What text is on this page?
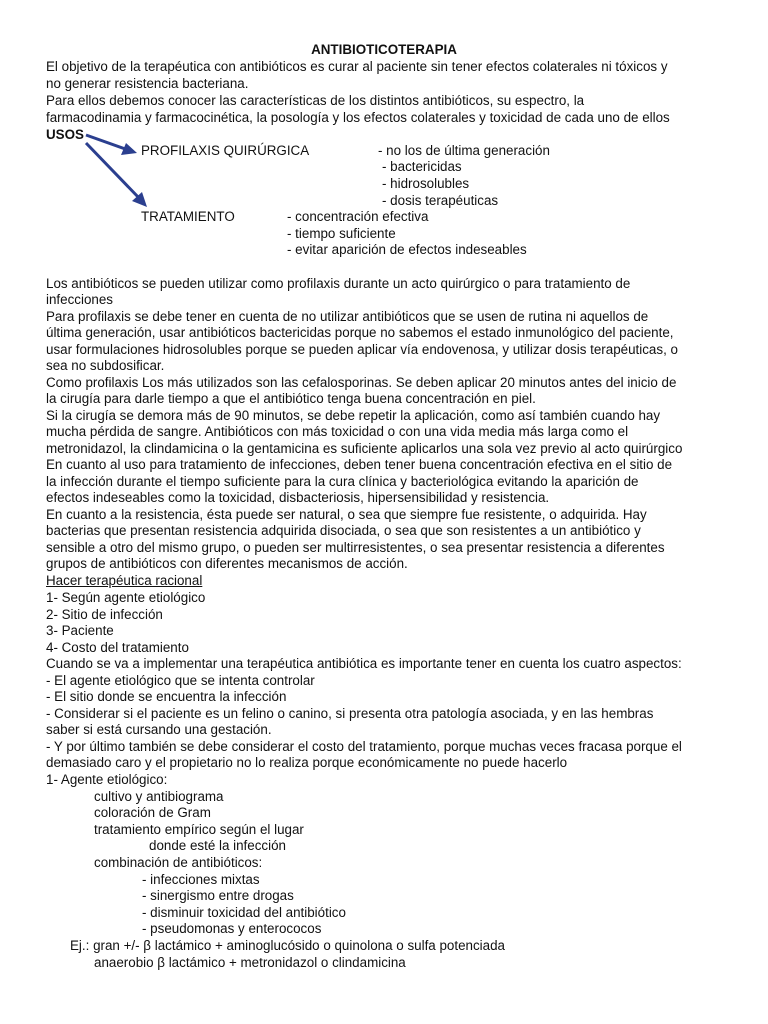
ANTIBIOTICOTERAPIA
El objetivo de la terapéutica con antibióticos es curar al paciente sin tener efectos colaterales ni tóxicos y
no generar resistencia bacteriana.
Para ellos debemos conocer las características de los distintos antibióticos, su espectro, la
farmacodinamia y farmacocinética, la posología y los efectos colaterales y toxicidad de cada uno de ellos
USOS
PROFILAXIS QUIRÚRGICA	- no los de última generación
- bactericidas
- hidrosolubles
- dosis terapéuticas
TRATAMIENTO	- concentración efectiva
- tiempo suficiente
- evitar aparición de efectos indeseables
Los antibióticos se pueden utilizar como profilaxis durante un acto quirúrgico o para tratamiento de
infecciones
Para profilaxis se debe tener en cuenta de no utilizar antibióticos que se usen de rutina ni aquellos de
última generación, usar antibióticos bactericidas porque no sabemos el estado inmunológico del paciente,
usar formulaciones hidrosolubles porque se pueden aplicar vía endovenosa, y utilizar dosis terapéuticas, o
sea no subdosificar.
Como profilaxis Los más utilizados son las cefalosporinas. Se deben aplicar 20 minutos antes del inicio de
la cirugía para darle tiempo a que el antibiótico tenga buena concentración en piel.
Si la cirugía se demora más de 90 minutos, se debe repetir la aplicación, como así también cuando hay
mucha pérdida de sangre. Antibióticos con más toxicidad o con una vida media más larga como el
metronidazol, la clindamicina o la gentamicina es suficiente aplicarlos una sola vez previo al acto quirúrgico
En cuanto al uso para tratamiento de infecciones, deben tener buena concentración efectiva en el sitio de
la infección durante el tiempo suficiente para la cura clínica y bacteriológica evitando la aparición de
efectos indeseables como la toxicidad, disbacteriosis, hipersensibilidad y resistencia.
En cuanto a la resistencia, ésta puede ser natural, o sea que siempre fue resistente, o adquirida. Hay
bacterias que presentan resistencia adquirida disociada, o sea que son resistentes a un antibiótico y
sensible a otro del mismo grupo, o pueden ser multirresistentes, o sea presentar resistencia a diferentes
grupos de antibióticos con diferentes mecanismos de acción.
Hacer terapéutica racional
1- Según agente etiológico
2- Sitio de infección
3- Paciente
4- Costo del tratamiento
Cuando se va a implementar una terapéutica antibiótica es importante tener en cuenta los cuatro aspectos:
- El agente etiológico que se intenta controlar
- El sitio donde se encuentra la infección
- Considerar si el paciente es un felino o canino, si presenta otra patología asociada, y en las hembras
saber si está cursando una gestación.
- Y por último también se debe considerar el costo del tratamiento, porque muchas veces fracasa porque el
demasiado caro y el propietario no lo realiza porque económicamente no puede hacerlo
1- Agente etiológico:
cultivo y antibiograma
coloración de Gram
tratamiento empírico según el lugar
donde esté la infección
combinación de antibióticos:
- infecciones mixtas
- sinergismo entre drogas
- disminuir toxicidad del antibiótico
- pseudomonas y enterococos
Ej.: gran +/- β lactámico + aminoglucósido o quinolona o sulfa potenciada
anaerobio β lactámico + metronidazol o clindamicina
